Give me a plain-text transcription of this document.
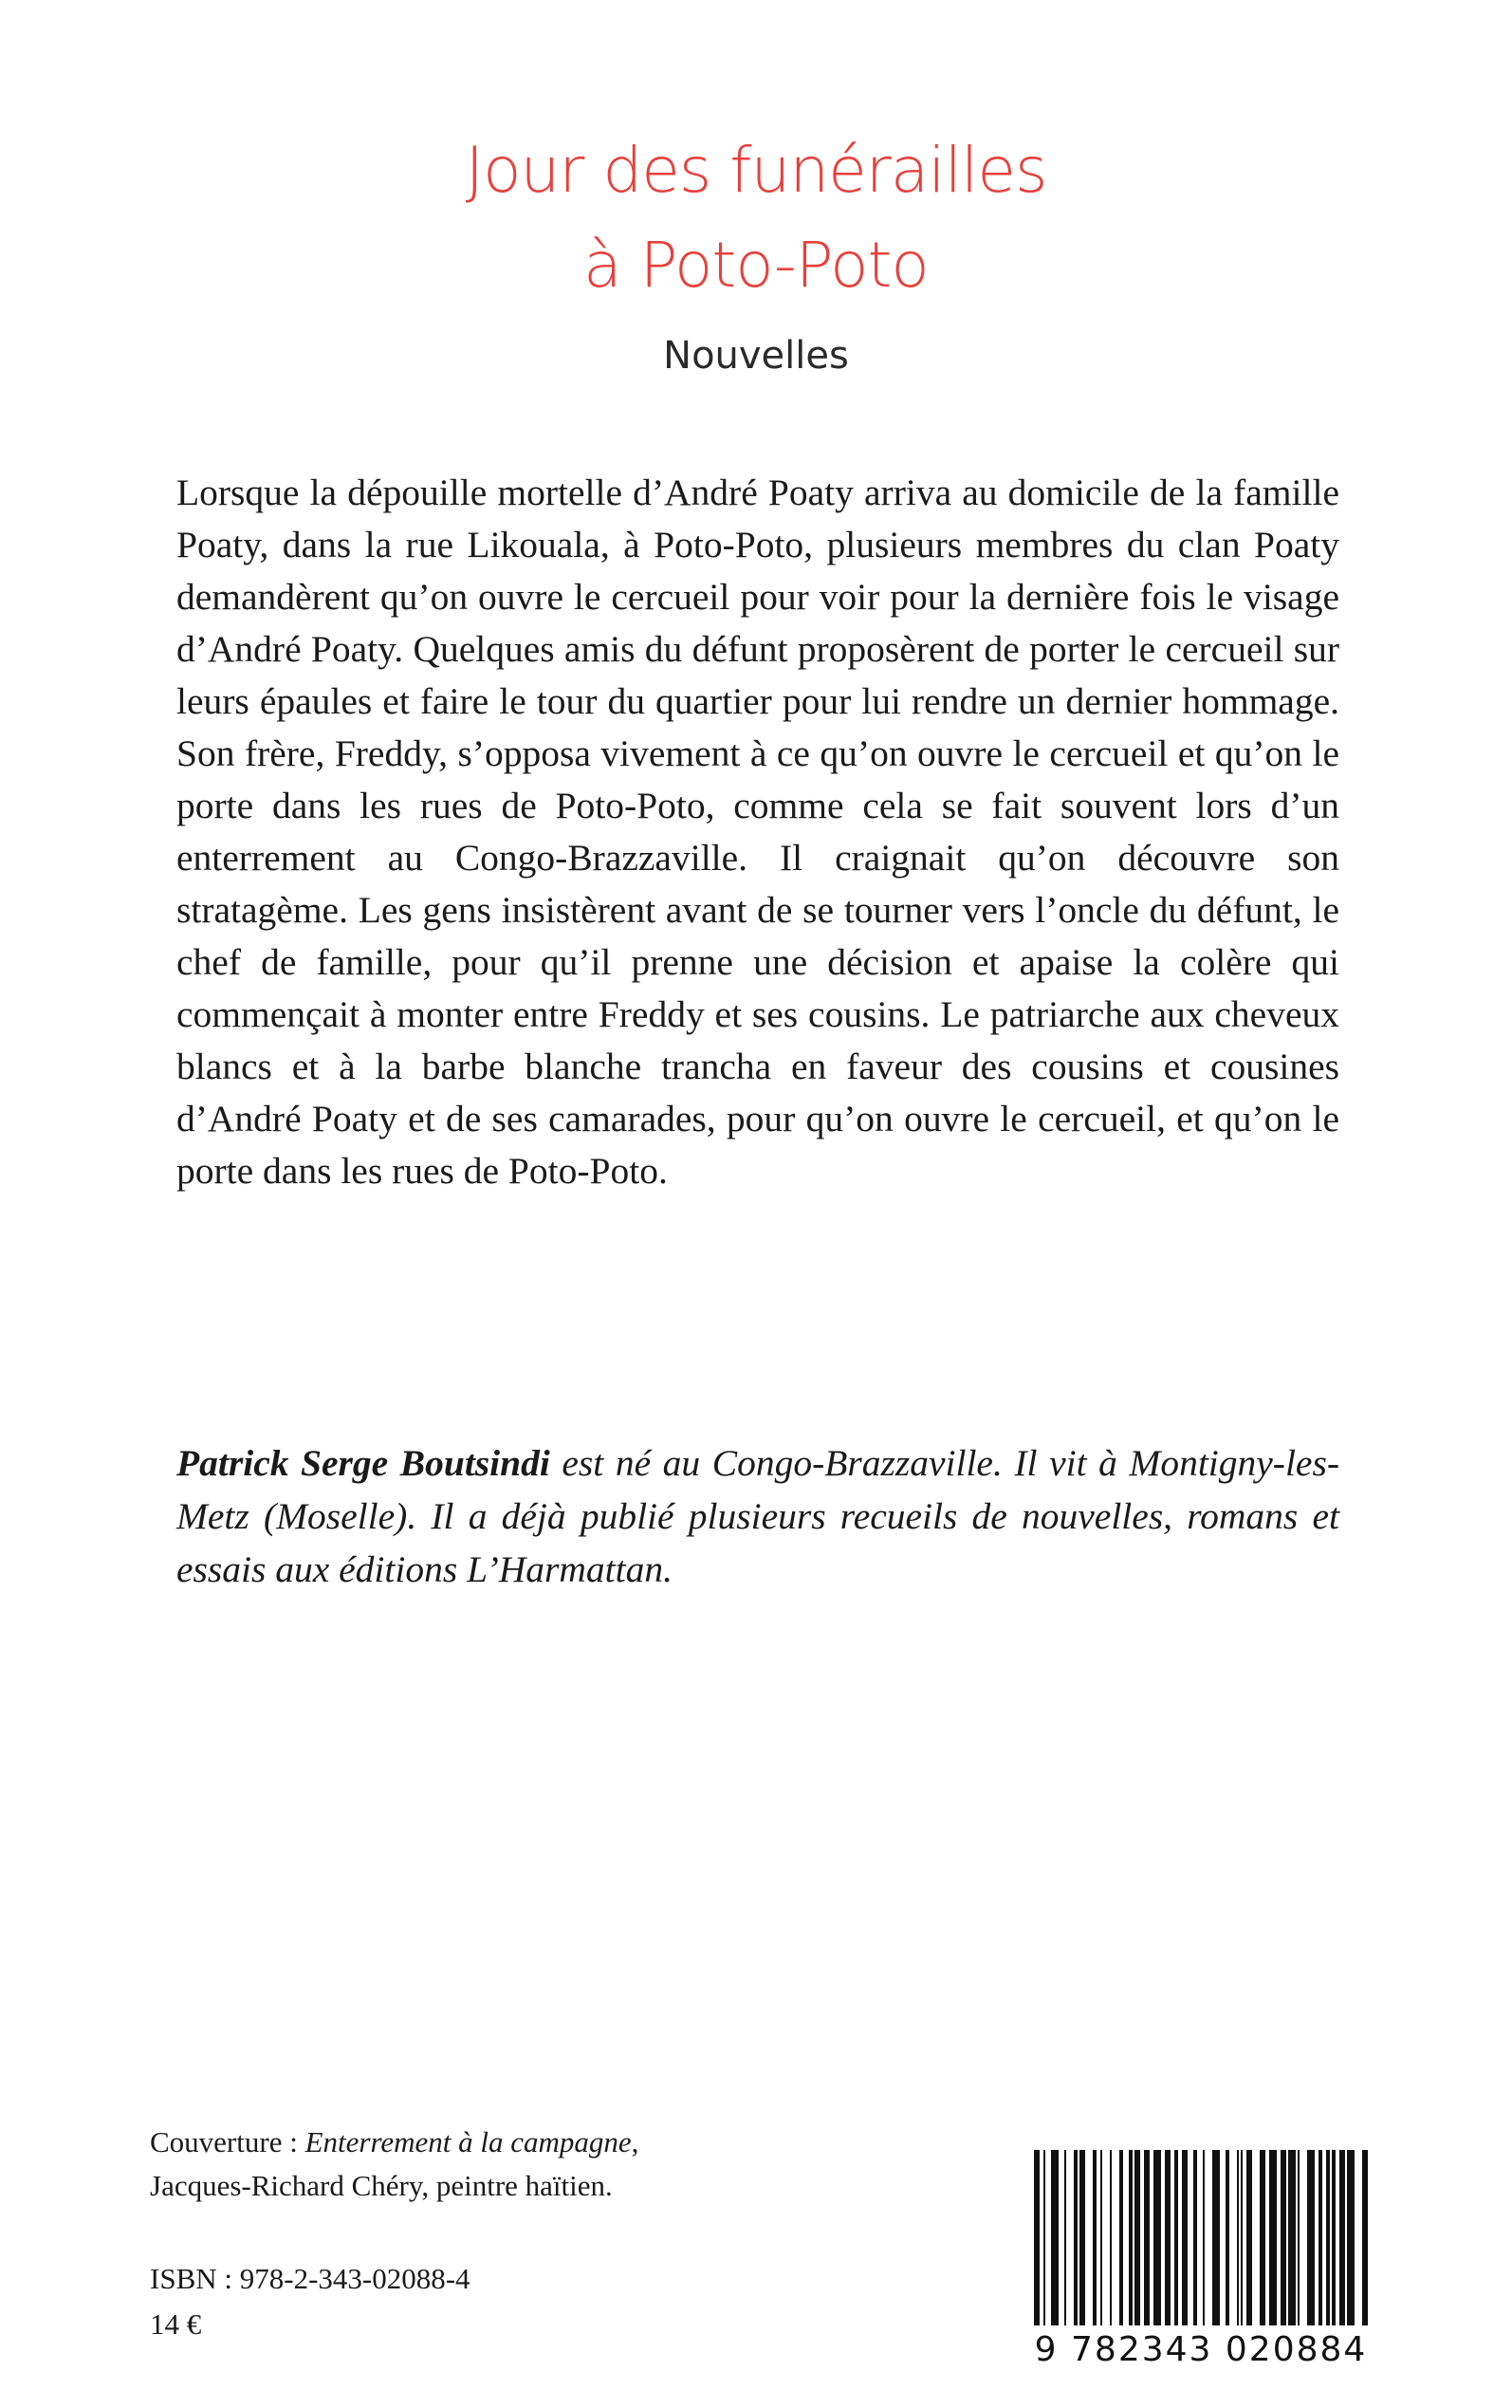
Jour des funérailles
à Poto-Poto
Nouvelles

Lorsque la dépouille mortelle d’André Poaty arriva au domicile de la famille Poaty, dans la rue Likouala, à Poto-Poto, plusieurs membres du clan Poaty demandèrent qu’on ouvre le cercueil pour voir pour la dernière fois le visage d’André Poaty. Quelques amis du défunt proposèrent de porter le cercueil sur leurs épaules et faire le tour du quartier pour lui rendre un dernier hommage. Son frère, Freddy, s’opposa vivement à ce qu’on ouvre le cercueil et qu’on le porte dans les rues de Poto-Poto, comme cela se fait souvent lors d’un enterrement au Congo-Brazzaville. Il craignait qu’on découvre son stratagème. Les gens insistèrent avant de se tourner vers l’oncle du défunt, le chef de famille, pour qu’il prenne une décision et apaise la colère qui commençait à monter entre Freddy et ses cousins. Le patriarche aux cheveux blancs et à la barbe blanche trancha en faveur des cousins et cousines d’André Poaty et de ses camarades, pour qu’on ouvre le cercueil, et qu’on le porte dans les rues de Poto-Poto.

Patrick Serge Boutsindi est né au Congo-Brazzaville. Il vit à Montigny-les-Metz (Moselle). Il a déjà publié plusieurs recueils de nouvelles, romans et essais aux éditions L’Harmattan.

Couverture : Enterrement à la campagne,
Jacques-Richard Chéry, peintre haïtien.
ISBN : 978-2-343-02088-4
14 €
9 782343 020884
